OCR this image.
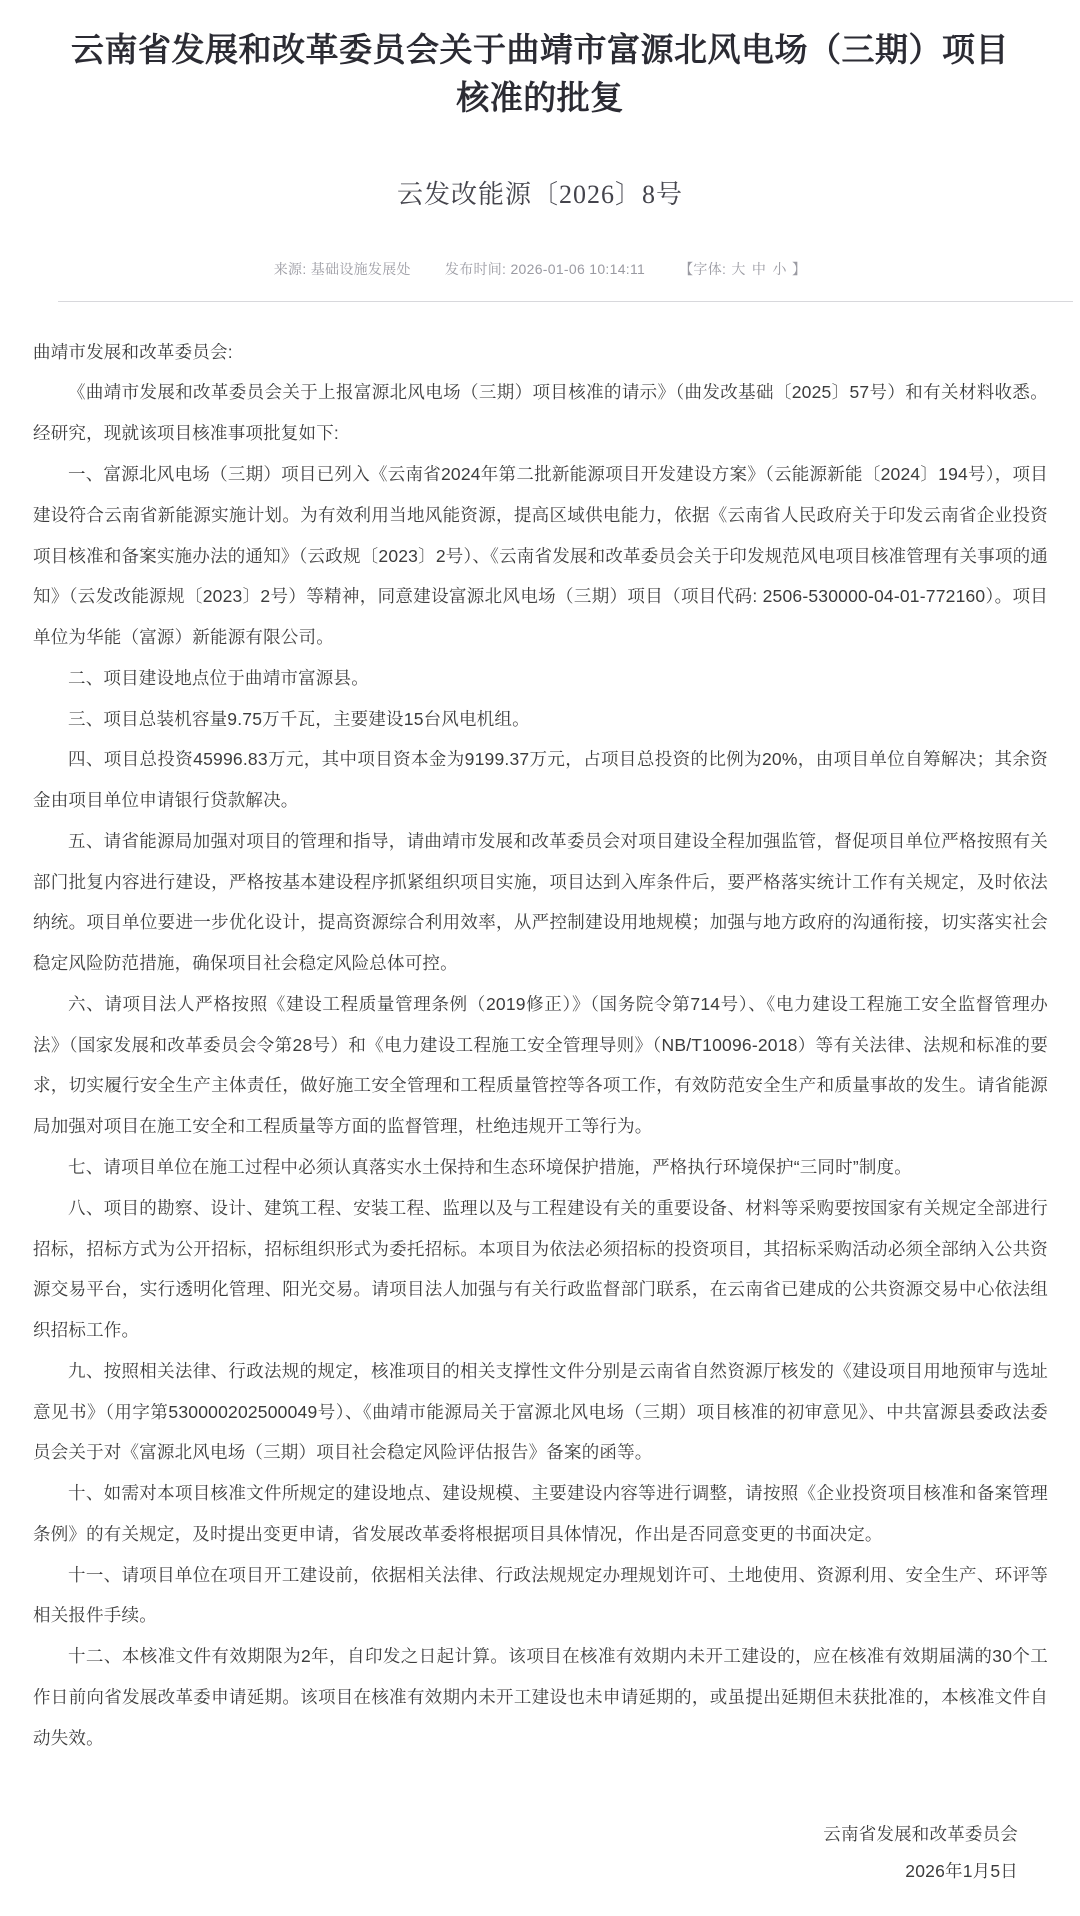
云南省发展和改革委员会关于曲靖市富源北风电场（三期）项目核准的批复
云发改能源〔2026〕8号
来源: 基础设施发展处 发布时间: 2026-01-06 10:14:11 【字体: 大 中 小 】

曲靖市发展和改革委员会:

《曲靖市发展和改革委员会关于上报富源北风电场（三期）项目核准的请示》（曲发改基础〔2025〕57号）和有关材料收悉。经研究，现就该项目核准事项批复如下:

一、富源北风电场（三期）项目已列入《云南省2024年第二批新能源项目开发建设方案》（云能源新能〔2024〕194号），项目建设符合云南省新能源实施计划。为有效利用当地风能资源，提高区域供电能力，依据《云南省人民政府关于印发云南省企业投资项目核准和备案实施办法的通知》（云政规〔2023〕2号）、《云南省发展和改革委员会关于印发规范风电项目核准管理有关事项的通知》（云发改能源规〔2023〕2号）等精神，同意建设富源北风电场（三期）项目（项目代码: 2506-530000-04-01-772160）。项目单位为华能（富源）新能源有限公司。

二、项目建设地点位于曲靖市富源县。

三、项目总装机容量9.75万千瓦，主要建设15台风电机组。

四、项目总投资45996.83万元，其中项目资本金为9199.37万元，占项目总投资的比例为20%，由项目单位自筹解决；其余资金由项目单位申请银行贷款解决。

五、请省能源局加强对项目的管理和指导，请曲靖市发展和改革委员会对项目建设全程加强监管，督促项目单位严格按照有关部门批复内容进行建设，严格按基本建设程序抓紧组织项目实施，项目达到入库条件后，要严格落实统计工作有关规定，及时依法纳统。项目单位要进一步优化设计，提高资源综合利用效率，从严控制建设用地规模；加强与地方政府的沟通衔接，切实落实社会稳定风险防范措施，确保项目社会稳定风险总体可控。

六、请项目法人严格按照《建设工程质量管理条例（2019修正）》（国务院令第714号）、《电力建设工程施工安全监督管理办法》（国家发展和改革委员会令第28号）和《电力建设工程施工安全管理导则》（NB/T10096-2018）等有关法律、法规和标准的要求，切实履行安全生产主体责任，做好施工安全管理和工程质量管控等各项工作，有效防范安全生产和质量事故的发生。请省能源局加强对项目在施工安全和工程质量等方面的监督管理，杜绝违规开工等行为。

七、请项目单位在施工过程中必须认真落实水土保持和生态环境保护措施，严格执行环境保护“三同时”制度。

八、项目的勘察、设计、建筑工程、安装工程、监理以及与工程建设有关的重要设备、材料等采购要按国家有关规定全部进行招标，招标方式为公开招标，招标组织形式为委托招标。本项目为依法必须招标的投资项目，其招标采购活动必须全部纳入公共资源交易平台，实行透明化管理、阳光交易。请项目法人加强与有关行政监督部门联系，在云南省已建成的公共资源交易中心依法组织招标工作。

九、按照相关法律、行政法规的规定，核准项目的相关支撑性文件分别是云南省自然资源厅核发的《建设项目用地预审与选址意见书》（用字第530000202500049号）、《曲靖市能源局关于富源北风电场（三期）项目核准的初审意见》、中共富源县委政法委员会关于对《富源北风电场（三期）项目社会稳定风险评估报告》备案的函等。

十、如需对本项目核准文件所规定的建设地点、建设规模、主要建设内容等进行调整，请按照《企业投资项目核准和备案管理条例》的有关规定，及时提出变更申请，省发展改革委将根据项目具体情况，作出是否同意变更的书面决定。

十一、请项目单位在项目开工建设前，依据相关法律、行政法规规定办理规划许可、土地使用、资源利用、安全生产、环评等相关报件手续。

十二、本核准文件有效期限为2年，自印发之日起计算。该项目在核准有效期内未开工建设的，应在核准有效期届满的30个工作日前向省发展改革委申请延期。该项目在核准有效期内未开工建设也未申请延期的，或虽提出延期但未获批准的，本核准文件自动失效。

云南省发展和改革委员会
2026年1月5日
